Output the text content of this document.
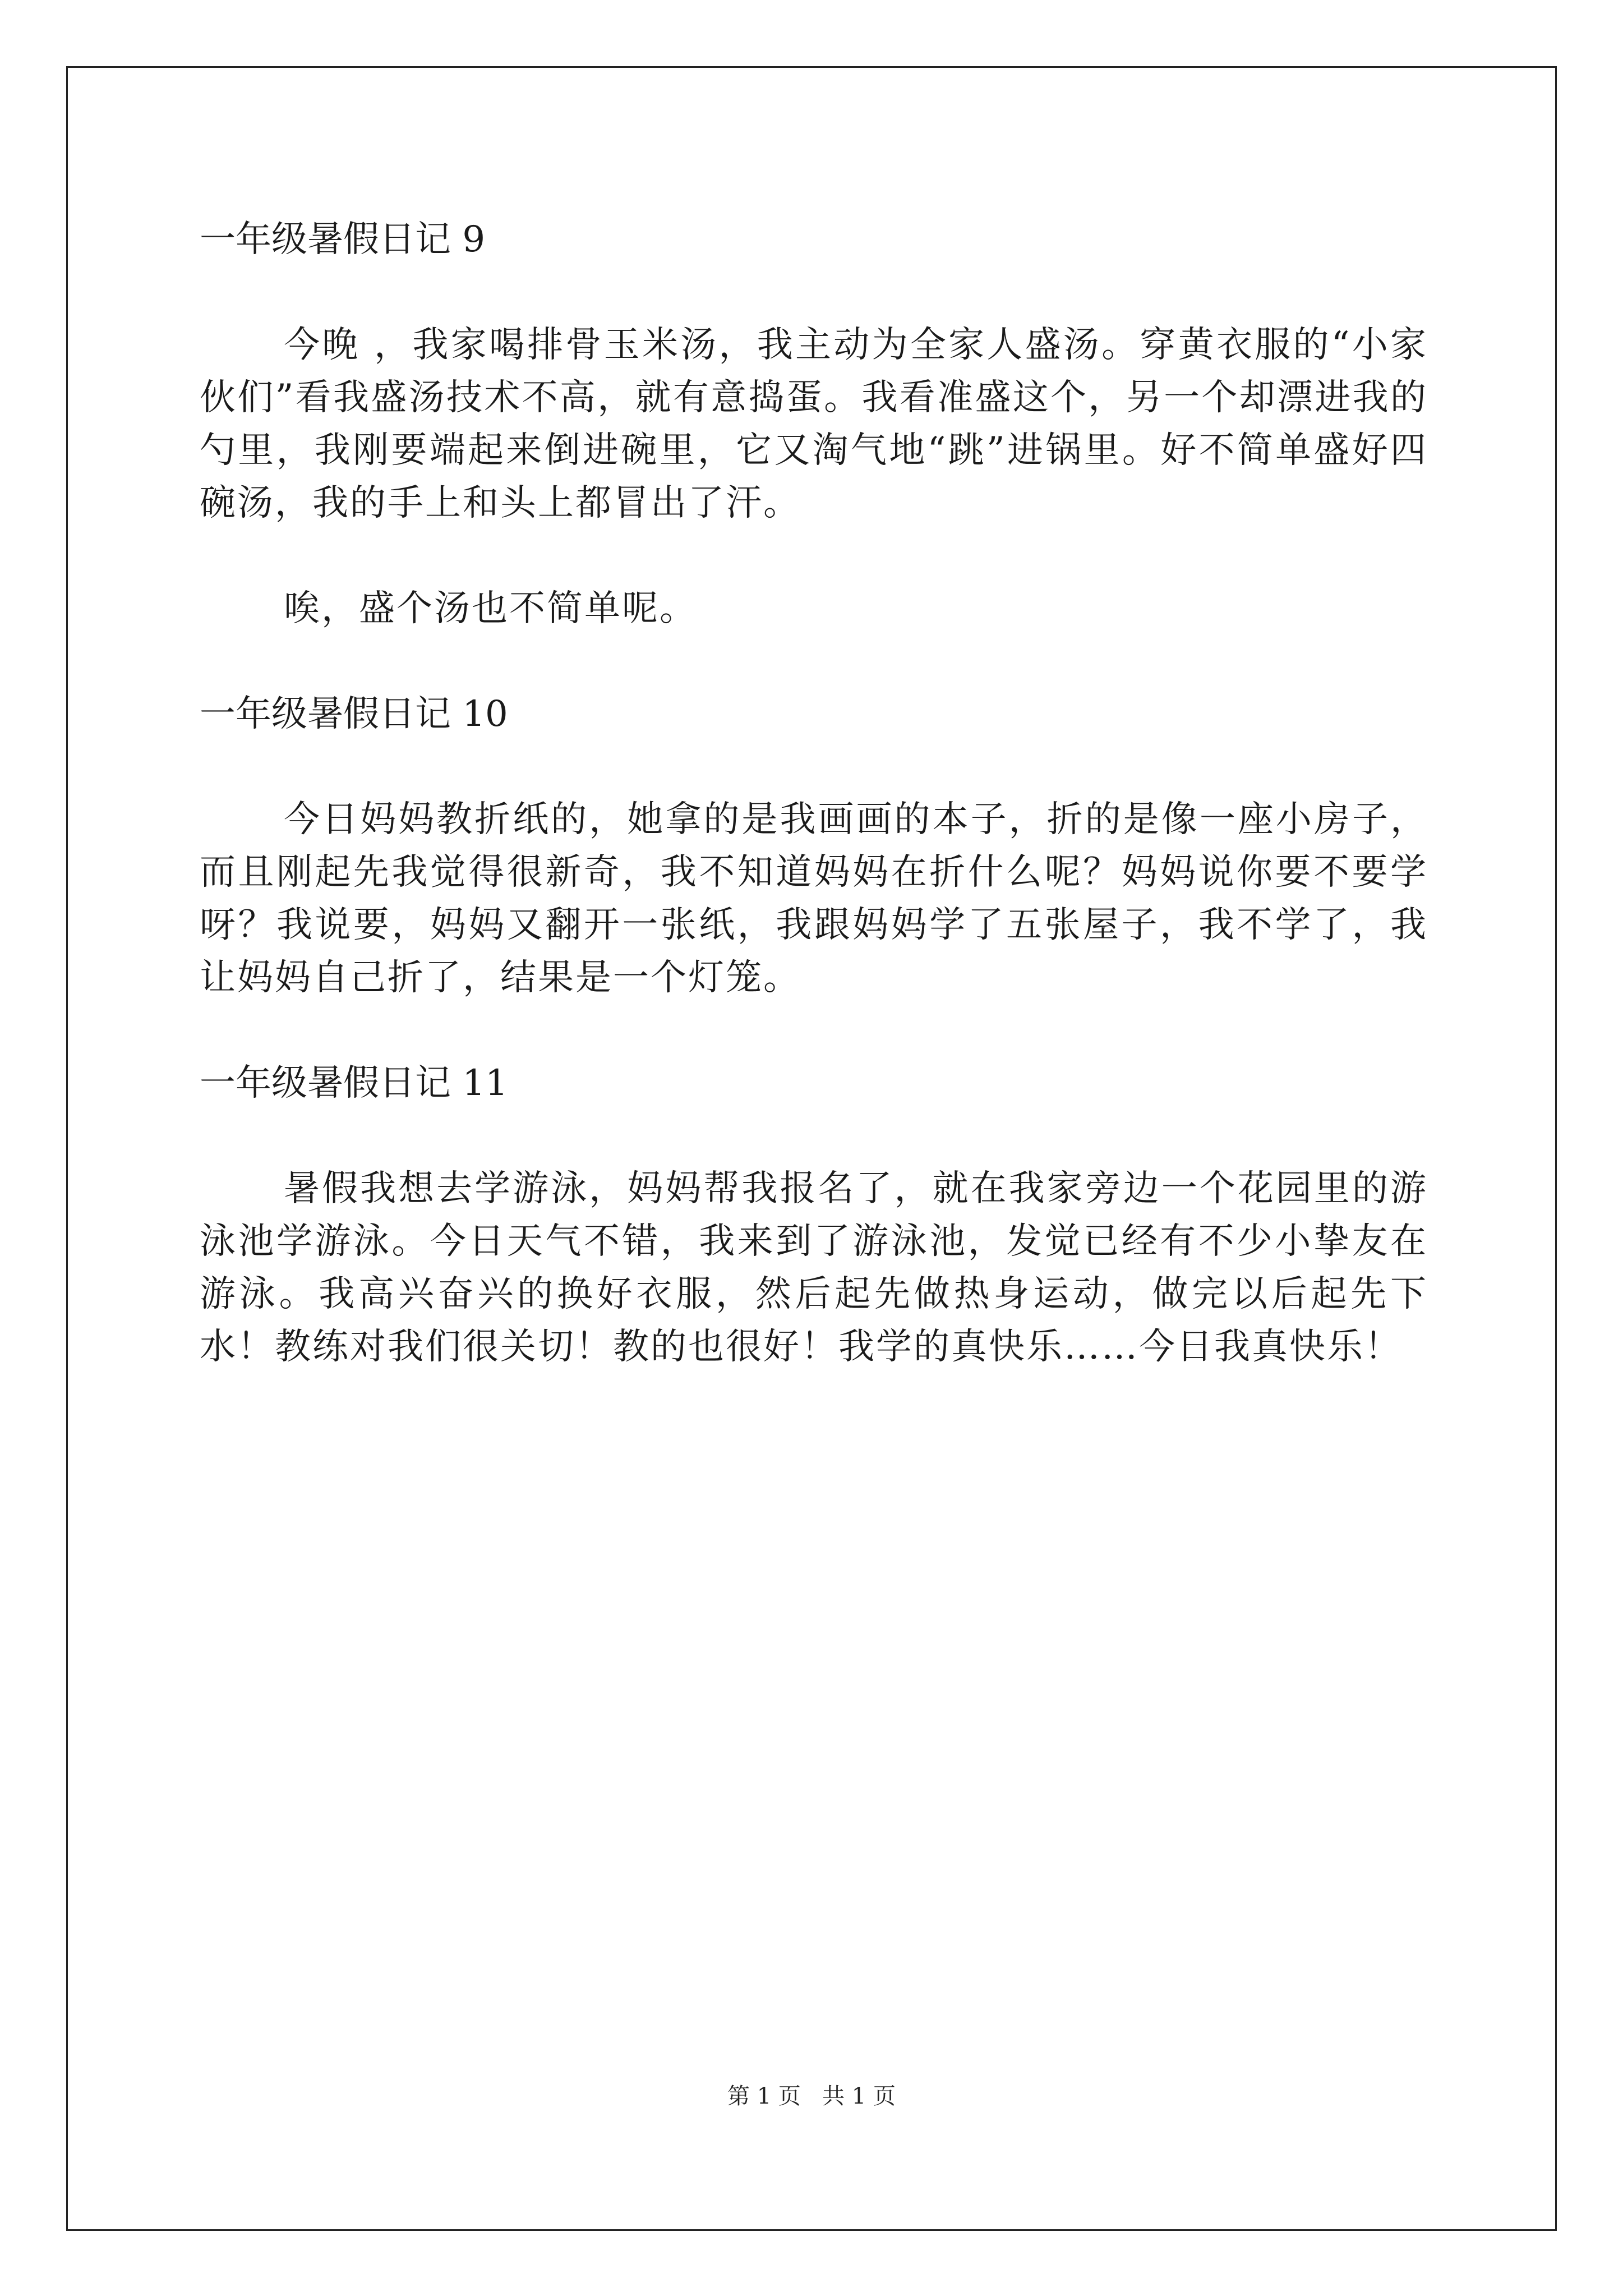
一年级暑假日记 9

今晚 ，我家喝排骨玉米汤，我主动为全家人盛汤。穿黄衣服的“小家伙们”看我盛汤技术不高，就有意捣蛋。我看准盛这个，另一个却漂进我的勺里，我刚要端起来倒进碗里，它又淘气地“跳”进锅里。好不简单盛好四碗汤，我的手上和头上都冒出了汗。

唉，盛个汤也不简单呢。

一年级暑假日记 10

今日妈妈教折纸的，她拿的是我画画的本子，折的是像一座小房子，而且刚起先我觉得很新奇，我不知道妈妈在折什么呢？妈妈说你要不要学呀？我说要，妈妈又翻开一张纸，我跟妈妈学了五张屋子，我不学了，我让妈妈自己折了，结果是一个灯笼。

一年级暑假日记 11

暑假我想去学游泳，妈妈帮我报名了，就在我家旁边一个花园里的游泳池学游泳。今日天气不错，我来到了游泳池，发觉已经有不少小挚友在游泳。我高兴奋兴的换好衣服，然后起先做热身运动，做完以后起先下水！教练对我们很关切！教的也很好！我学的真快乐……今日我真快乐！

第 1 页   共 1 页
